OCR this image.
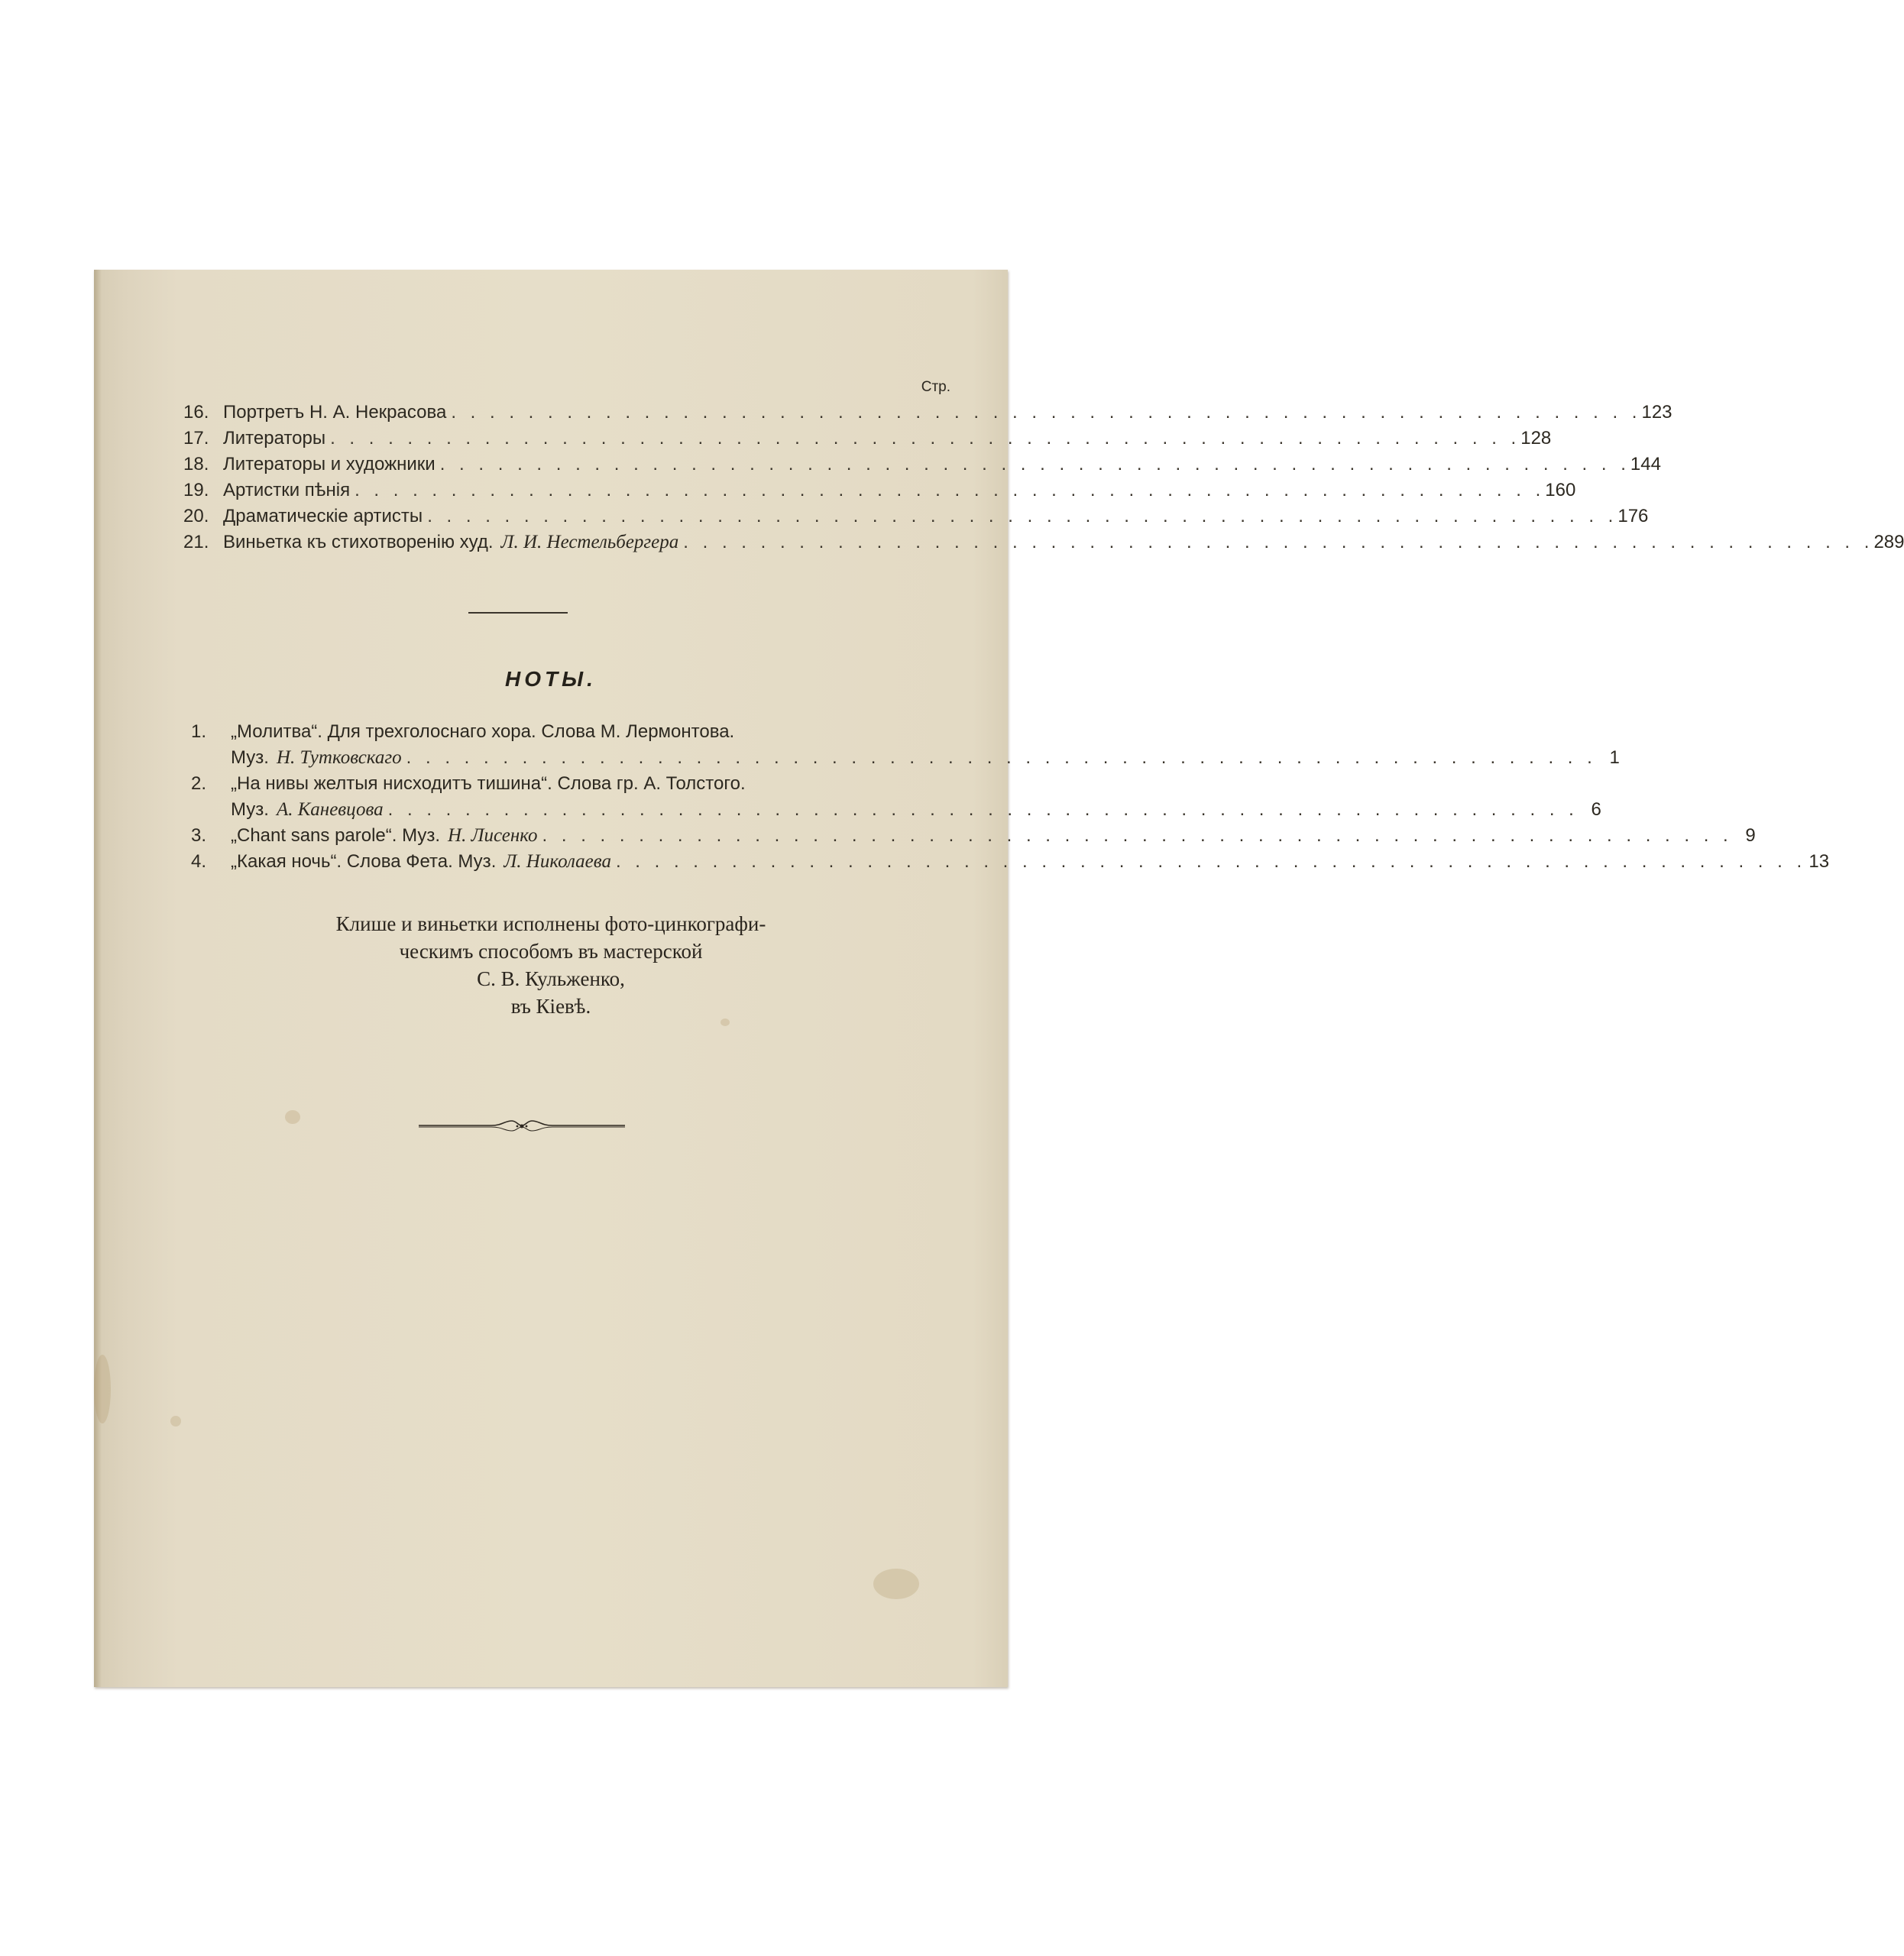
Стр.
16. Портретъ Н. А. Некрасова . . . . . . . . . . . . . . . . . . . . . . . . . . . . . . . . . . . . . . . . . . . . . . . . . . . . . . . . . . . . . . 123
17. Литераторы . . . . . . . . . . . . . . . . . . . . . . . . . . . . . . . . . . . . . . . . . . . . . . . . . . . . . . . . . . . . . . 128
18. Литераторы и художники . . . . . . . . . . . . . . . . . . . . . . . . . . . . . . . . . . . . . . . . . . . . . . . . . . . . . . . . . . . . . . 144
19. Артистки пѣнія . . . . . . . . . . . . . . . . . . . . . . . . . . . . . . . . . . . . . . . . . . . . . . . . . . . . . . . . . . . . . . 160
20. Драматическіе артисты . . . . . . . . . . . . . . . . . . . . . . . . . . . . . . . . . . . . . . . . . . . . . . . . . . . . . . . . . . . . . . 176
21. Виньетка къ стихотворенію худ. Л. И. Нестельбергера . . . . . . . . . . . . . . . . . . . . . . . . . . . . . . . . . . . . . . . . . . . . . . . . . . . . . . . . . . . . . . 289
НОТЫ.
1.	„Молитва“. Для трехголоснаго хора. Слова М. Лермонтова.
Муз. Н. Тутковскаго . . . . . . . . . . . . . . . . . . . . . . . . . . . . . . . . . . . . . . . . . . . . . . . . . . . . . . . . . . . . . . 1
2.	„На нивы желтыя нисходитъ тишина“. Слова гр. А. Толстого.
Муз. А. Каневцова . . . . . . . . . . . . . . . . . . . . . . . . . . . . . . . . . . . . . . . . . . . . . . . . . . . . . . . . . . . . . . 6
3.	„Chant sans parole“. Муз. Н. Лисенко . . . . . . . . . . . . . . . . . . . . . . . . . . . . . . . . . . . . . . . . . . . . . . . . . . . . . . . . . . . . . . 9
4.	„Какая ночь“. Слова Фета. Муз. Л. Николаева . . . . . . . . . . . . . . . . . . . . . . . . . . . . . . . . . . . . . . . . . . . . . . . . . . . . . . . . . . . . . . 13
Клише и виньетки исполнены фото-цинкографи-
ческимъ способомъ въ мастерской
С. В. Кульженко,
въ Кіевѣ.
